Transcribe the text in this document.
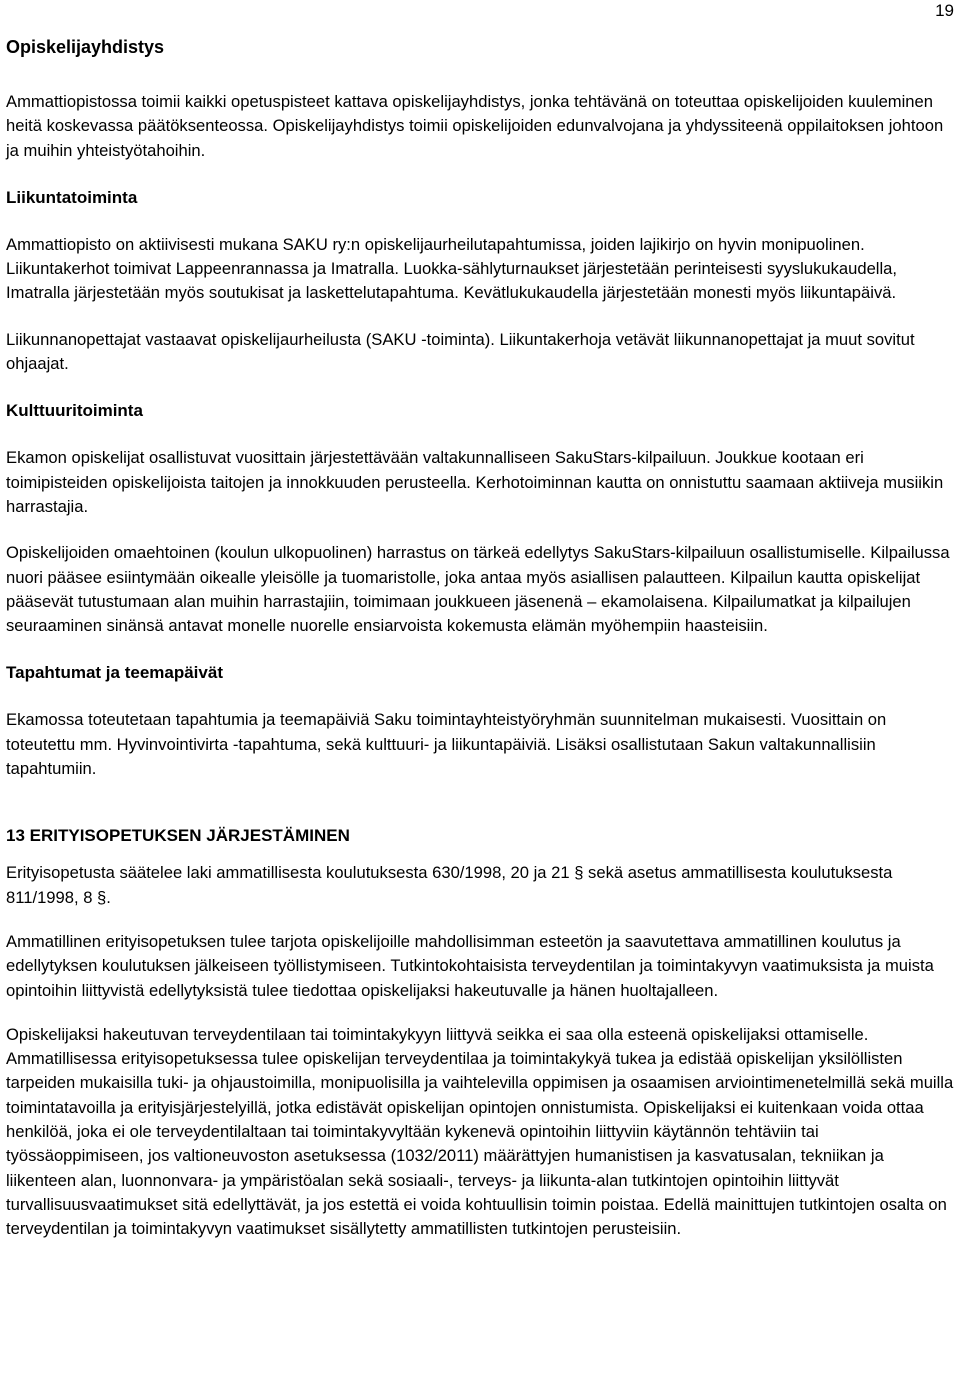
19
Opiskelijayhdistys

Ammattiopistossa toimii kaikki opetuspisteet kattava opiskelijayhdistys, jonka tehtävänä on toteuttaa opiskelijoiden kuuleminen heitä koskevassa päätöksenteossa. Opiskelijayhdistys toimii opiskelijoiden edunvalvojana ja yhdyssiteenä oppilaitoksen johtoon ja muihin yhteistyötahoihin.

Liikuntatoiminta

Ammattiopisto on aktiivisesti mukana SAKU ry:n opiskelijaurheilutapahtumissa, joiden lajikirjo on hyvin monipuolinen. Liikuntakerhot toimivat Lappeenrannassa ja Imatralla. Luokka-sählyturnaukset järjestetään perinteisesti syyslukukaudella, Imatralla järjestetään myös soutukisat ja laskettelutapahtuma. Kevätlukukaudella järjestetään monesti myös liikuntapäivä.

Liikunnanopettajat vastaavat opiskelijaurheilusta (SAKU -toiminta). Liikuntakerhoja vetävät liikunnanopettajat ja muut sovitut ohjaajat.

Kulttuuritoiminta

Ekamon opiskelijat osallistuvat vuosittain järjestettävään valtakunnalliseen SakuStars-kilpailuun. Joukkue kootaan eri toimipisteiden opiskelijoista taitojen ja innokkuuden perusteella. Kerhotoiminnan kautta on onnistuttu saamaan aktiiveja musiikin harrastajia.

Opiskelijoiden omaehtoinen (koulun ulkopuolinen) harrastus on tärkeä edellytys SakuStars-kilpailuun osallistumiselle. Kilpailussa nuori pääsee esiintymään oikealle yleisölle ja tuomaristolle, joka antaa myös asiallisen palautteen. Kilpailun kautta opiskelijat pääsevät tutustumaan alan muihin harrastajiin, toimimaan joukkueen jäsenenä – ekamolaisena. Kilpailumatkat ja kilpailujen seuraaminen sinänsä antavat monelle nuorelle ensiarvoista kokemusta elämän myöhempiin haasteisiin.

Tapahtumat ja teemapäivät

Ekamossa toteutetaan tapahtumia ja teemapäiviä Saku toimintayhteistyöryhmän suunnitelman mukaisesti. Vuosittain on toteutettu mm. Hyvinvointivirta -tapahtuma, sekä kulttuuri- ja liikuntapäiviä. Lisäksi osallistutaan Sakun valtakunnallisiin tapahtumiin.

13 ERITYISOPETUKSEN JÄRJESTÄMINEN

Erityisopetusta säätelee laki ammatillisesta koulutuksesta 630/1998, 20 ja 21 § sekä asetus ammatillisesta koulutuksesta 811/1998, 8 §.

Ammatillinen erityisopetuksen tulee tarjota opiskelijoille mahdollisimman esteetön ja saavutettava ammatillinen koulutus ja edellytyksen koulutuksen jälkeiseen työllistymiseen. Tutkintokohtaisista terveydentilan ja toimintakyvyn vaatimuksista ja muista opintoihin liittyvistä edellytyksistä tulee tiedottaa opiskelijaksi hakeutuvalle ja hänen huoltajalleen.

Opiskelijaksi hakeutuvan terveydentilaan tai toimintakykyyn liittyvä seikka ei saa olla esteenä opiskelijaksi ottamiselle. Ammatillisessa erityisopetuksessa tulee opiskelijan terveydentilaa ja toimintakykyä tukea ja edistää opiskelijan yksilöllisten tarpeiden mukaisilla tuki- ja ohjaustoimilla, monipuolisilla ja vaihtelevilla oppimisen ja osaamisen arviointimenetelmillä sekä muilla toimintatavoilla ja erityisjärjestelyillä, jotka edistävät opiskelijan opintojen onnistumista. Opiskelijaksi ei kuitenkaan voida ottaa henkilöä, joka ei ole terveydentilaltaan tai toimintakyvyltään kykenevä opintoihin liittyviin käytännön tehtäviin tai työssäoppimiseen, jos valtioneuvoston asetuksessa (1032/2011) määrättyjen humanistisen ja kasvatusalan, tekniikan ja liikenteen alan, luonnonvara- ja ympäristöalan sekä sosiaali-, terveys- ja liikunta-alan tutkintojen opintoihin liittyvät turvallisuusvaatimukset sitä edellyttävät, ja jos estettä ei voida kohtuullisin toimin poistaa. Edellä mainittujen tutkintojen osalta on terveydentilan ja toimintakyvyn vaatimukset sisällytetty ammatillisten tutkintojen perusteisiin.
